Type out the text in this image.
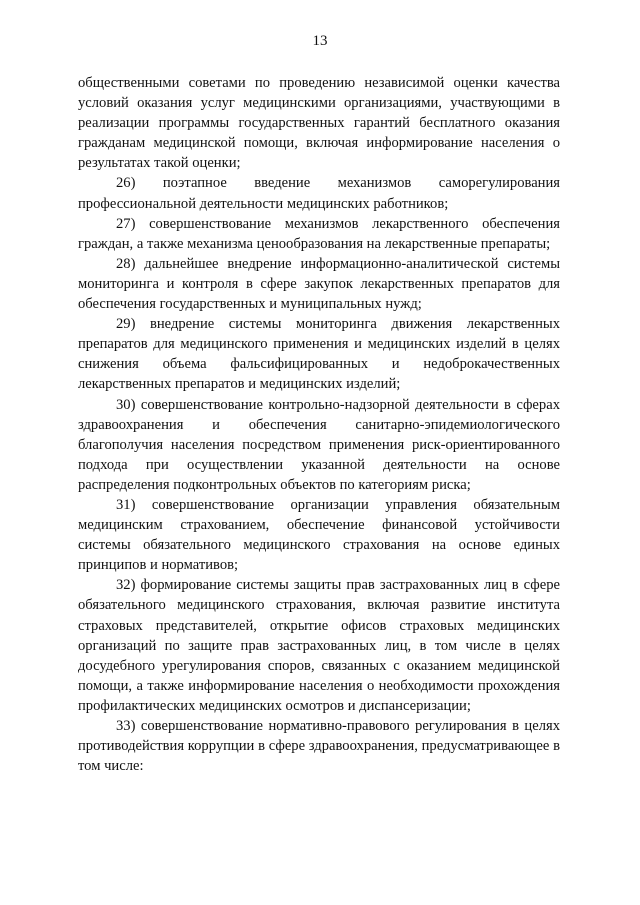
13

общественными советами по проведению независимой оценки качества условий оказания услуг медицинскими организациями, участвующими в реализации программы государственных гарантий бесплатного оказания гражданам медицинской помощи, включая информирование населения о результатах такой оценки;

26) поэтапное введение механизмов саморегулирования профессиональной деятельности медицинских работников;

27) совершенствование механизмов лекарственного обеспечения граждан, а также механизма ценообразования на лекарственные препараты;

28) дальнейшее внедрение информационно-аналитической системы мониторинга и контроля в сфере закупок лекарственных препаратов для обеспечения государственных и муниципальных нужд;

29) внедрение системы мониторинга движения лекарственных препаратов для медицинского применения и медицинских изделий в целях снижения объема фальсифицированных и недоброкачественных лекарственных препаратов и медицинских изделий;

30) совершенствование контрольно-надзорной деятельности в сферах здравоохранения и обеспечения санитарно-эпидемиологического благополучия населения посредством применения риск-ориентированного подхода при осуществлении указанной деятельности на основе распределения подконтрольных объектов по категориям риска;

31) совершенствование организации управления обязательным медицинским страхованием, обеспечение финансовой устойчивости системы обязательного медицинского страхования на основе единых принципов и нормативов;

32) формирование системы защиты прав застрахованных лиц в сфере обязательного медицинского страхования, включая развитие института страховых представителей, открытие офисов страховых медицинских организаций по защите прав застрахованных лиц, в том числе в целях досудебного урегулирования споров, связанных с оказанием медицинской помощи, а также информирование населения о необходимости прохождения профилактических медицинских осмотров и диспансеризации;

33) совершенствование нормативно-правового регулирования в целях противодействия коррупции в сфере здравоохранения, предусматривающее в том числе:
